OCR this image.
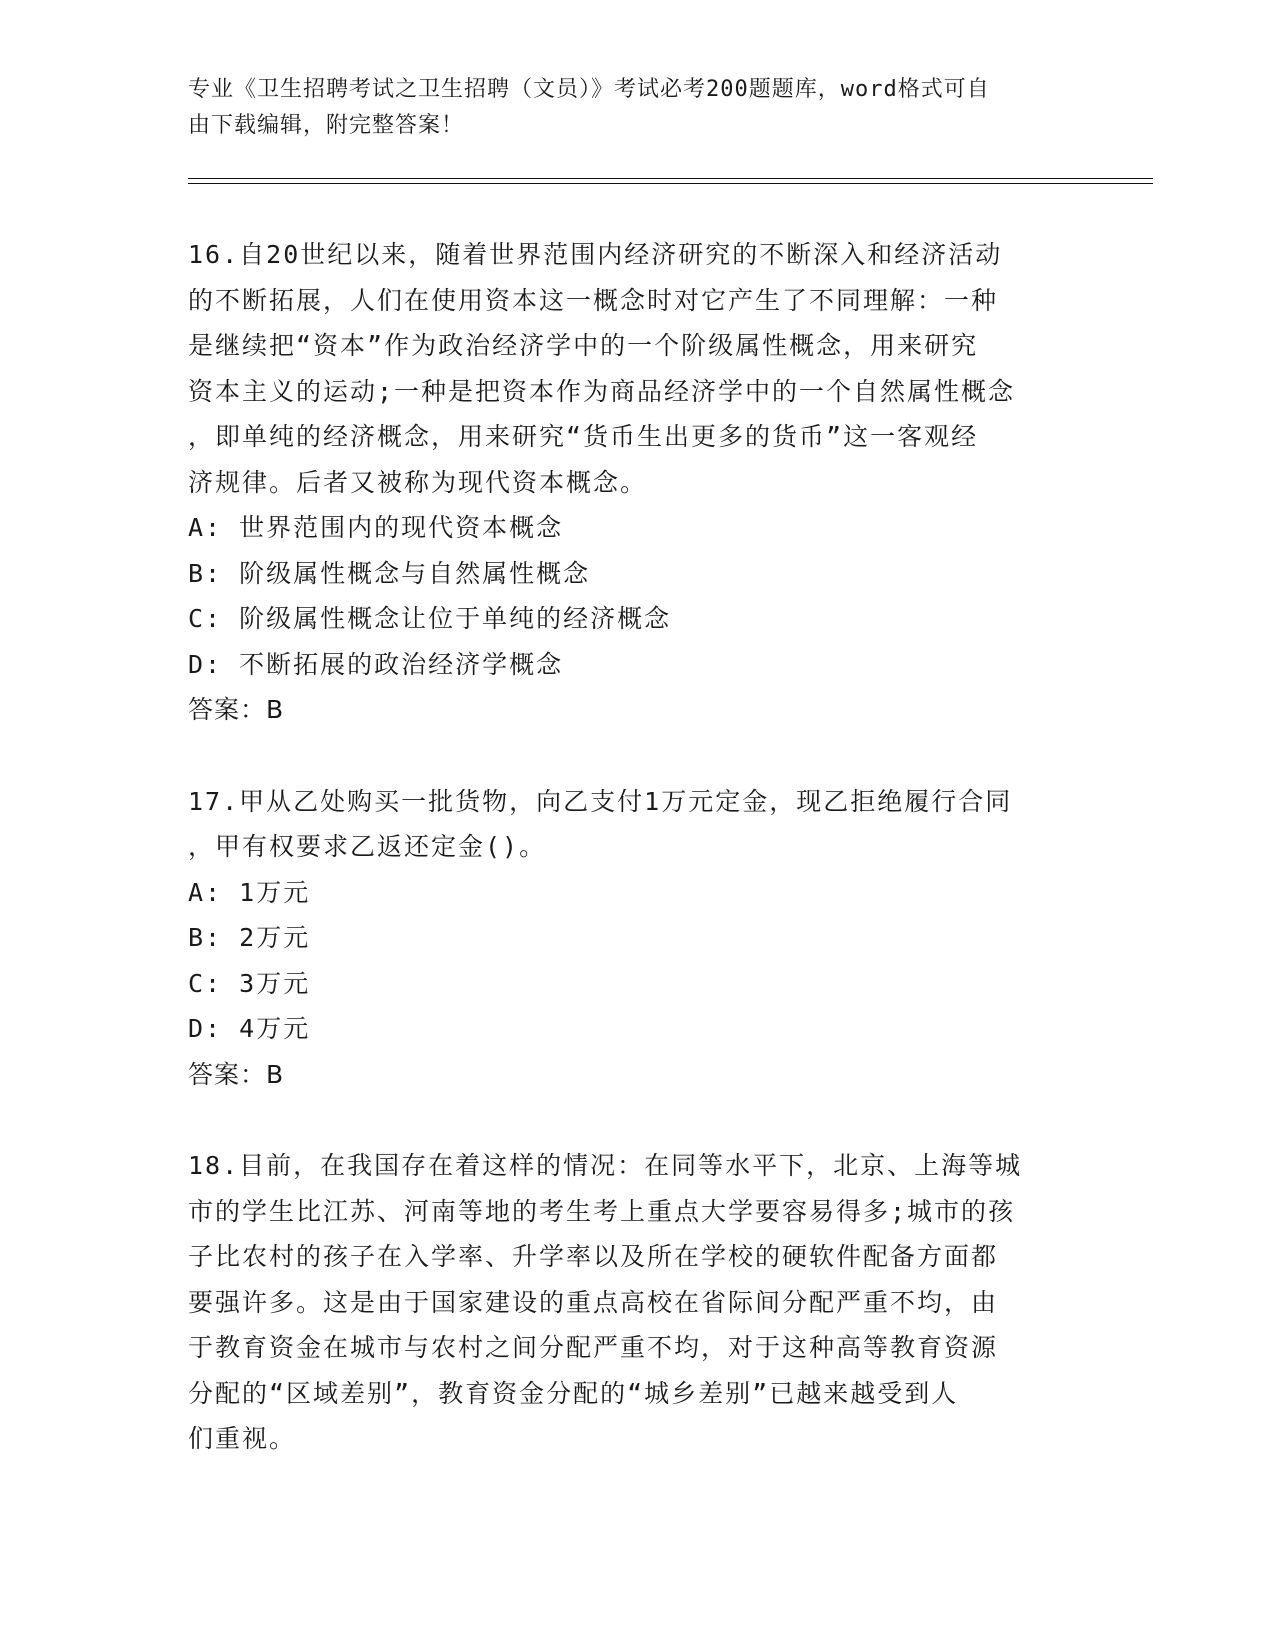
专业《卫生招聘考试之卫生招聘（文员）》考试必考200题题库，word格式可自
由下载编辑，附完整答案！
16.自20世纪以来，随着世界范围内经济研究的不断深入和经济活动
的不断拓展，人们在使用资本这一概念时对它产生了不同理解：一种
是继续把“资本”作为政治经济学中的一个阶级属性概念，用来研究
资本主义的运动;一种是把资本作为商品经济学中的一个自然属性概念
，即单纯的经济概念，用来研究“货币生出更多的货币”这一客观经
济规律。后者又被称为现代资本概念。
A: 世界范围内的现代资本概念
B: 阶级属性概念与自然属性概念
C: 阶级属性概念让位于单纯的经济概念
D: 不断拓展的政治经济学概念
答案：B
17.甲从乙处购买一批货物，向乙支付1万元定金，现乙拒绝履行合同
，甲有权要求乙返还定金()。
A: 1万元
B: 2万元
C: 3万元
D: 4万元
答案：B
18.目前，在我国存在着这样的情况：在同等水平下，北京、上海等城
市的学生比江苏、河南等地的考生考上重点大学要容易得多;城市的孩
子比农村的孩子在入学率、升学率以及所在学校的硬软件配备方面都
要强许多。这是由于国家建设的重点高校在省际间分配严重不均，由
于教育资金在城市与农村之间分配严重不均，对于这种高等教育资源
分配的“区域差别”，教育资金分配的“城乡差别”已越来越受到人
们重视。
